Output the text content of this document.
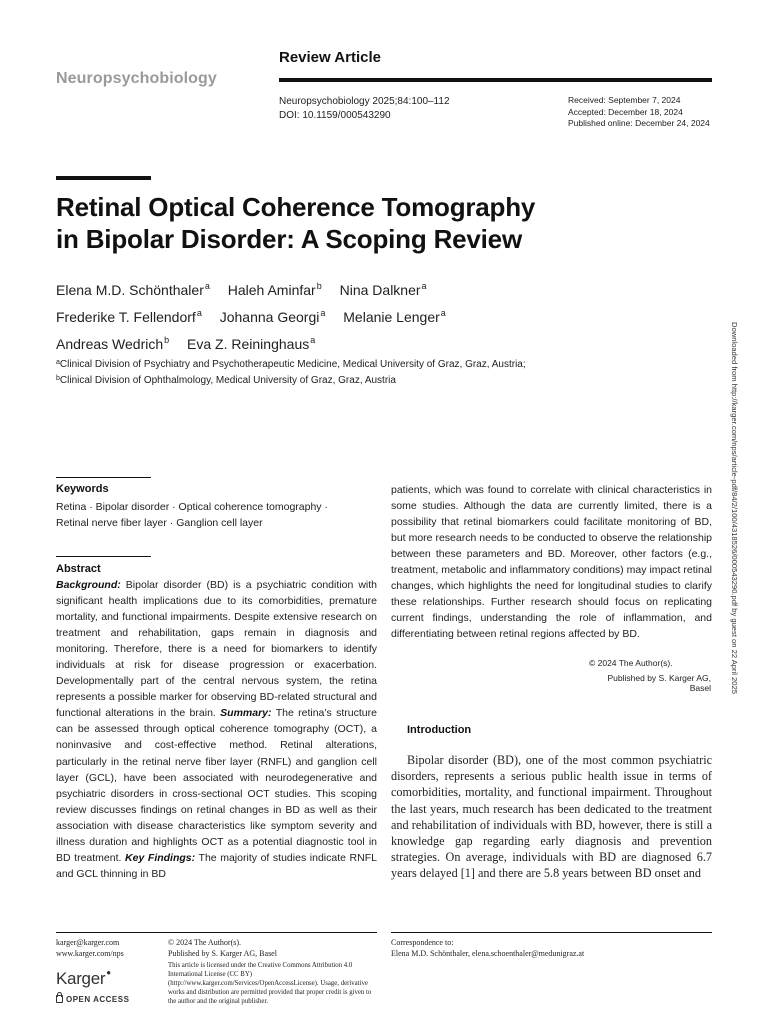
Neuropsychobiology
Review Article
Neuropsychobiology 2025;84:100–112
DOI: 10.1159/000543290
Received: September 7, 2024
Accepted: December 18, 2024
Published online: December 24, 2024
Retinal Optical Coherence Tomography
in Bipolar Disorder: A Scoping Review
Elena M.D. Schönthaler$^a$ Haleh Aminfar$^b$ Nina Dalkner$^a$
Frederike T. Fellendorf$^a$ Johanna Georgi$^a$ Melanie Lenger$^a$
Andreas Wedrich$^b$ Eva Z. Reininghaus$^a$
$^a$Clinical Division of Psychiatry and Psychotherapeutic Medicine, Medical University of Graz, Graz, Austria;
$^b$Clinical Division of Ophthalmology, Medical University of Graz, Graz, Austria	Downloaded from http://karger.com/nps/article-pdf/84/2/100/4318526/000543290.pdf by guest on 22 April 2025
Keywords
Retina · Bipolar disorder · Optical coherence tomography ·
Retinal nerve fiber layer · Ganglion cell layer
Abstract
Background: Bipolar disorder (BD) is a psychiatric condition with significant health implications due to its comorbidities, premature mortality, and functional impairments. Despite extensive research on treatment and rehabilitation, gaps remain in diagnosis and monitoring. Therefore, there is a need for biomarkers to identify individuals at risk for disease progression or exacerbation. Developmentally part of the central nervous system, the retina represents a possible marker for observing BD-related structural and functional alterations in the brain. Summary: The retina’s structure can be assessed through optical coherence tomography (OCT), a noninvasive and cost-effective method. Retinal alterations, particularly in the retinal nerve fiber layer (RNFL) and ganglion cell layer (GCL), have been associated with neurodegenerative and psychiatric disorders in cross-sectional OCT studies. This scoping review discusses findings on retinal changes in BD as well as their association with disease characteristics like symptom severity and illness duration and highlights OCT as a potential diagnostic tool in BD treatment. Key Findings: The majority of studies indicate RNFL and GCL thinning in BD
patients, which was found to correlate with clinical characteristics in some studies. Although the data are currently limited, there is a possibility that retinal biomarkers could facilitate monitoring of BD, but more research needs to be conducted to observe the relationship between these parameters and BD. Moreover, other factors (e.g., treatment, metabolic and inflammatory conditions) may impact retinal changes, which highlights the need for longitudinal studies to clarify these relationships. Further research should focus on replicating current findings, understanding the role of inflammation, and differentiating between retinal regions affected by BD.
© 2024 The Author(s).
Published by S. Karger AG, Basel
Introduction
Bipolar disorder (BD), one of the most common psychiatric disorders, represents a serious public health issue in terms of comorbidities, mortality, and functional impairment. Throughout the last years, much research has been dedicated to the treatment and rehabilitation of individuals with BD, however, there is still a knowledge gap regarding early diagnosis and prevention strategies. On average, individuals with BD are diagnosed 6.7 years delayed [1] and there are 5.8 years between BD onset and
karger@karger.com
www.karger.com/nps
© 2024 The Author(s).
Published by S. Karger AG, Basel
This article is licensed under the Creative Commons Attribution 4.0 International License (CC BY) (http://www.karger.com/Services/OpenAccessLicense). Usage, derivative works and distribution are permitted provided that proper credit is given to the author and the original publisher.
Karger●
OPEN ACCESS
Correspondence to:
Elena M.D. Schönthaler, elena.schoenthaler@medunigraz.at
